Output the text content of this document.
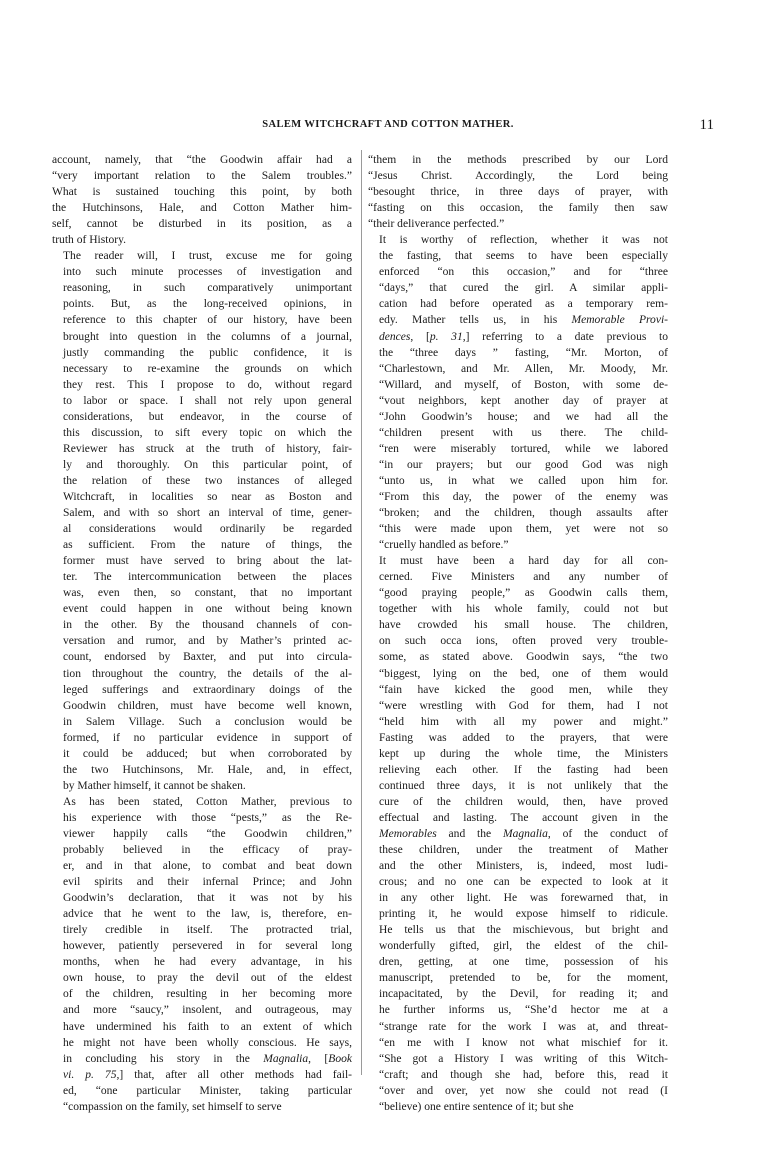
SALEM WITCHCRAFT AND COTTON MATHER.	11

account, namely, that “the Goodwin affair had a
“very important relation to the Salem troubles.”
What is sustained touching this point, by both
the Hutchinsons, Hale, and Cotton Mather him-
self, cannot be disturbed in its position, as a
truth of History.

The reader will, I trust, excuse me for going
into such minute processes of investigation and
reasoning, in such comparatively unimportant
points. But, as the long-received opinions, in
reference to this chapter of our history, have been
brought into question in the columns of a journal,
justly commanding the public confidence, it is
necessary to re-examine the grounds on which
they rest. This I propose to do, without regard
to labor or space. I shall not rely upon general
considerations, but endeavor, in the course of
this discussion, to sift every topic on which the
Reviewer has struck at the truth of history, fair-
ly and thoroughly. On this particular point, of
the relation of these two instances of alleged
Witchcraft, in localities so near as Boston and
Salem, and with so short an interval of time, gener-
al considerations would ordinarily be regarded
as sufficient. From the nature of things, the
former must have served to bring about the lat-
ter. The intercommunication between the places
was, even then, so constant, that no important
event could happen in one without being known
in the other. By the thousand channels of con-
versation and rumor, and by Mather’s printed ac-
count, endorsed by Baxter, and put into circula-
tion throughout the country, the details of the al-
leged sufferings and extraordinary doings of the
Goodwin children, must have become well known,
in Salem Village. Such a conclusion would be
formed, if no particular evidence in support of
it could be adduced; but when corroborated by
the two Hutchinsons, Mr. Hale, and, in effect,
by Mather himself, it cannot be shaken.

As has been stated, Cotton Mather, previous to
his experience with those “pests,” as the Re-
viewer happily calls “the Goodwin children,”
probably believed in the efficacy of pray-
er, and in that alone, to combat and beat down
evil spirits and their infernal Prince; and John
Goodwin’s declaration, that it was not by his
advice that he went to the law, is, therefore, en-
tirely credible in itself. The protracted trial,
however, patiently persevered in for several long
months, when he had every advantage, in his
own house, to pray the devil out of the eldest
of the children, resulting in her becoming more
and more “saucy,” insolent, and outrageous, may
have undermined his faith to an extent of which
he might not have been wholly conscious. He says,
in concluding his story in the Magnalia, [Book
vi. p. 75,] that, after all other methods had fail-
ed, “one particular Minister, taking particular
“compassion on the family, set himself to serve

“them in the methods prescribed by our Lord
“Jesus Christ. Accordingly, the Lord being
“besought thrice, in three days of prayer, with
“fasting on this occasion, the family then saw
“their deliverance perfected.”

It is worthy of reflection, whether it was not
the fasting, that seems to have been especially
enforced “on this occasion,” and for “three
“days,” that cured the girl. A similar appli-
cation had before operated as a temporary rem-
edy. Mather tells us, in his Memorable Provi-
dences, [p. 31,] referring to a date previous to
the “three days ” fasting, “Mr. Morton, of
“Charlestown, and Mr. Allen, Mr. Moody, Mr.
“Willard, and myself, of Boston, with some de-
“vout neighbors, kept another day of prayer at
“John Goodwin’s house; and we had all the
“children present with us there. The child-
“ren were miserably tortured, while we labored
“in our prayers; but our good God was nigh
“unto us, in what we called upon him for.
“From this day, the power of the enemy was
“broken; and the children, though assaults after
“this were made upon them, yet were not so
“cruelly handled as before.”

It must have been a hard day for all con-
cerned. Five Ministers and any number of
“good praying people,” as Goodwin calls them,
together with his whole family, could not but
have crowded his small house. The children,
on such occa ions, often proved very trouble-
some, as stated above. Goodwin says, “the two
“biggest, lying on the bed, one of them would
“fain have kicked the good men, while they
“were wrestling with God for them, had I not
“held him with all my power and might.”
Fasting was added to the prayers, that were
kept up during the whole time, the Ministers
relieving each other. If the fasting had been
continued three days, it is not unlikely that the
cure of the children would, then, have proved
effectual and lasting. The account given in the
Memorables and the Magnalia, of the conduct of
these children, under the treatment of Mather
and the other Ministers, is, indeed, most ludi-
crous; and no one can be expected to look at it
in any other light. He was forewarned that, in
printing it, he would expose himself to ridicule.
He tells us that the mischievous, but bright and
wonderfully gifted, girl, the eldest of the chil-
dren, getting, at one time, possession of his
manuscript, pretended to be, for the moment,
incapacitated, by the Devil, for reading it; and
he further informs us, “She’d hector me at a
“strange rate for the work I was at, and threat-
“en me with I know not what mischief for it.
“She got a History I was writing of this Witch-
“craft; and though she had, before this, read it
“over and over, yet now she could not read (I
“believe) one entire sentence of it; but she
